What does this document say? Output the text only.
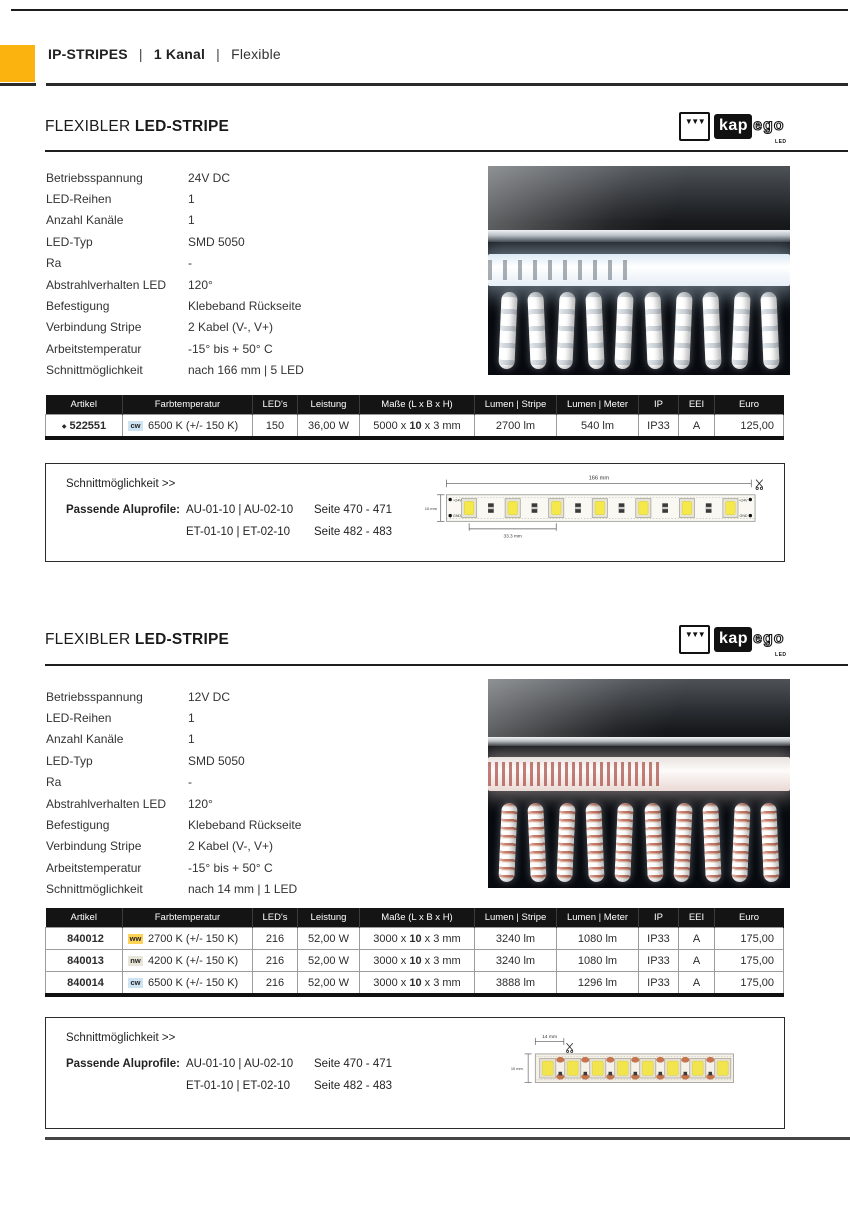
IP-STRIPES | 1 Kanal | Flexible
FLEXIBLER LED-STRIPE ▼▼▼	kap ego
LED
Betriebsspannung	24V DC
LED-Reihen	1
Anzahl Kanäle	1
LED-Typ	SMD 5050
Ra	-
Abstrahlverhalten LED	120°
Befestigung	Klebeband Rückseite
Verbindung Stripe	2 Kabel (V-, V+)
Arbeitstemperatur	-15° bis + 50° C
Schnittmöglichkeit	nach 166 mm | 5 LED
Artikel	Farbtemperatur	LED's	Leistung	Maße (L x B x H)	Lumen | Stripe	Lumen | Meter	IP	EEI	Euro
◆ 522551	cw 6500 K (+/- 150 K)	150	36,00 W	5000 x 10 x 3 mm	2700 lm	540 lm	IP33	A	125,00
Schnittmöglichkeit >>
Passende Aluprofile: AU-01-10 | AU-02-10 Seite 470 - 471
ET-01-10 | ET-02-10 Seite 482 - 483
166 mm
+24V
GND
+24V
GND
10 mm
33.3 mm
FLEXIBLER LED-STRIPE ▼▼▼	kap ego
LED
Betriebsspannung	12V DC
LED-Reihen	1
Anzahl Kanäle	1
LED-Typ	SMD 5050
Ra	-
Abstrahlverhalten LED	120°
Befestigung	Klebeband Rückseite
Verbindung Stripe	2 Kabel (V-, V+)
Arbeitstemperatur	-15° bis + 50° C
Schnittmöglichkeit	nach 14 mm | 1 LED
Artikel	Farbtemperatur	LED's	Leistung	Maße (L x B x H)	Lumen | Stripe	Lumen | Meter	IP	EEI	Euro
840012	ww 2700 K (+/- 150 K)	216	52,00 W	3000 x 10 x 3 mm	3240 lm	1080 lm	IP33	A	175,00
840013	nw 4200 K (+/- 150 K)	216	52,00 W	3000 x 10 x 3 mm	3240 lm	1080 lm	IP33	A	175,00
840014	cw 6500 K (+/- 150 K)	216	52,00 W	3000 x 10 x 3 mm	3888 lm	1296 lm	IP33	A	175,00
Schnittmöglichkeit >>
Passende Aluprofile: AU-01-10 | AU-02-10 Seite 470 - 471
ET-01-10 | ET-02-10 Seite 482 - 483
14 mm
10 mm
